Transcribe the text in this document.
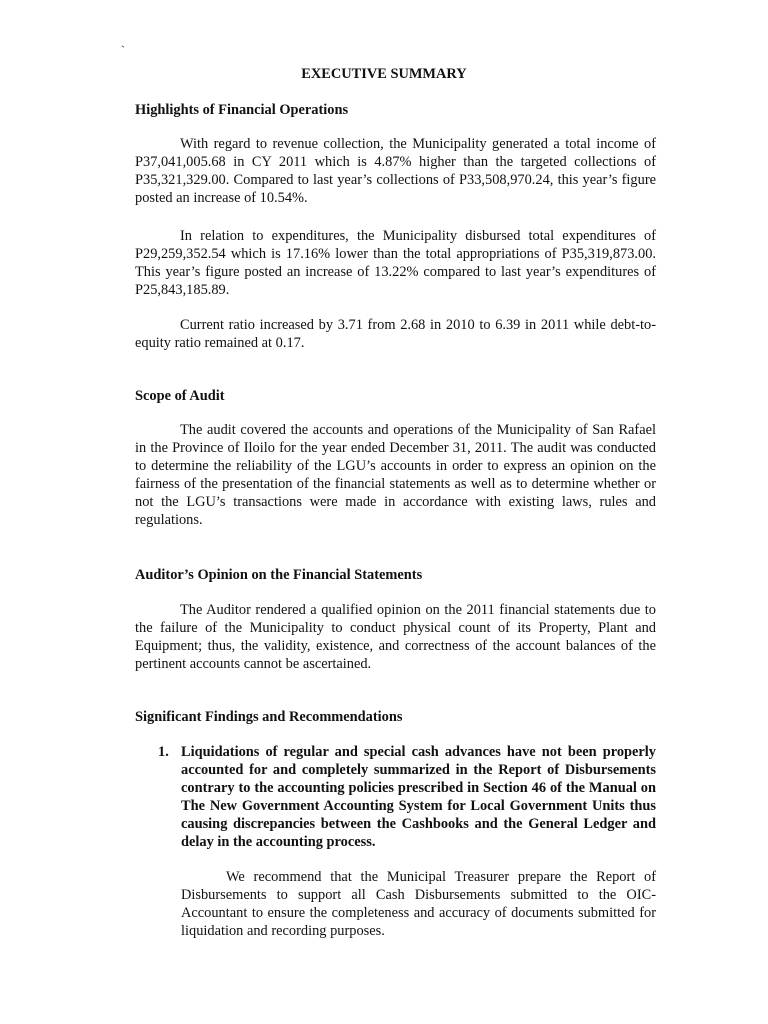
`
EXECUTIVE SUMMARY
Highlights of Financial Operations
With regard to revenue collection, the Municipality generated a total income of P37,041,005.68 in CY 2011 which is 4.87% higher than the targeted collections of P35,321,329.00. Compared to last year’s collections of P33,508,970.24, this year’s figure posted an increase of 10.54%.
In relation to expenditures, the Municipality disbursed total expenditures of P29,259,352.54 which is 17.16% lower than the total appropriations of P35,319,873.00. This year’s figure posted an increase of 13.22% compared to last year’s expenditures of P25,843,185.89.
Current ratio increased by 3.71 from 2.68 in 2010 to 6.39 in 2011 while debt-to-equity ratio remained at 0.17.
Scope of Audit
The audit covered the accounts and operations of the Municipality of San Rafael in the Province of Iloilo for the year ended December 31, 2011. The audit was conducted to determine the reliability of the LGU’s accounts in order to express an opinion on the fairness of the presentation of the financial statements as well as to determine whether or not the LGU’s transactions were made in accordance with existing laws, rules and regulations.
Auditor’s Opinion on the Financial Statements
The Auditor rendered a qualified opinion on the 2011 financial statements due to the failure of the Municipality to conduct physical count of its Property, Plant and Equipment; thus, the validity, existence, and correctness of the account balances of the pertinent accounts cannot be ascertained.
Significant Findings and Recommendations
1. Liquidations of regular and special cash advances have not been properly accounted for and completely summarized in the Report of Disbursements contrary to the accounting policies prescribed in Section 46 of the Manual on The New Government Accounting System for Local Government Units thus causing discrepancies between the Cashbooks and the General Ledger and delay in the accounting process.
We recommend that the Municipal Treasurer prepare the Report of Disbursements to support all Cash Disbursements submitted to the OIC-Accountant to ensure the completeness and accuracy of documents submitted for liquidation and recording purposes.
